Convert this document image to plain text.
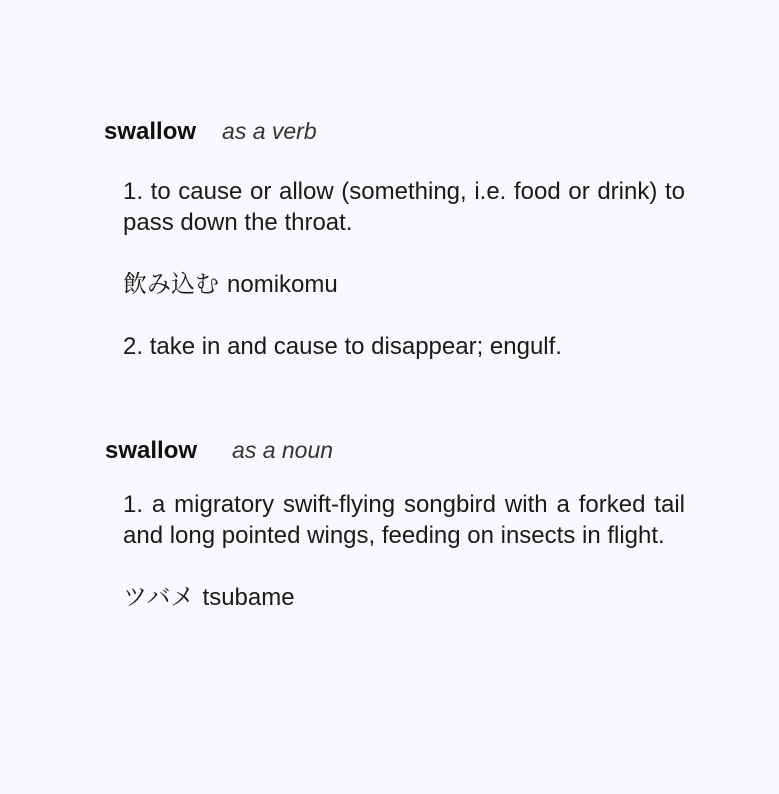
swallow as a verb
1. to cause or allow (something, i.e. food or drink) to pass down the throat.
飲み込む nomikomu
2. take in and cause to disappear; engulf.
swallow as a noun
1. a migratory swift-flying songbird with a forked tail and long pointed wings, feeding on insects in flight.
ツバメ tsubame
